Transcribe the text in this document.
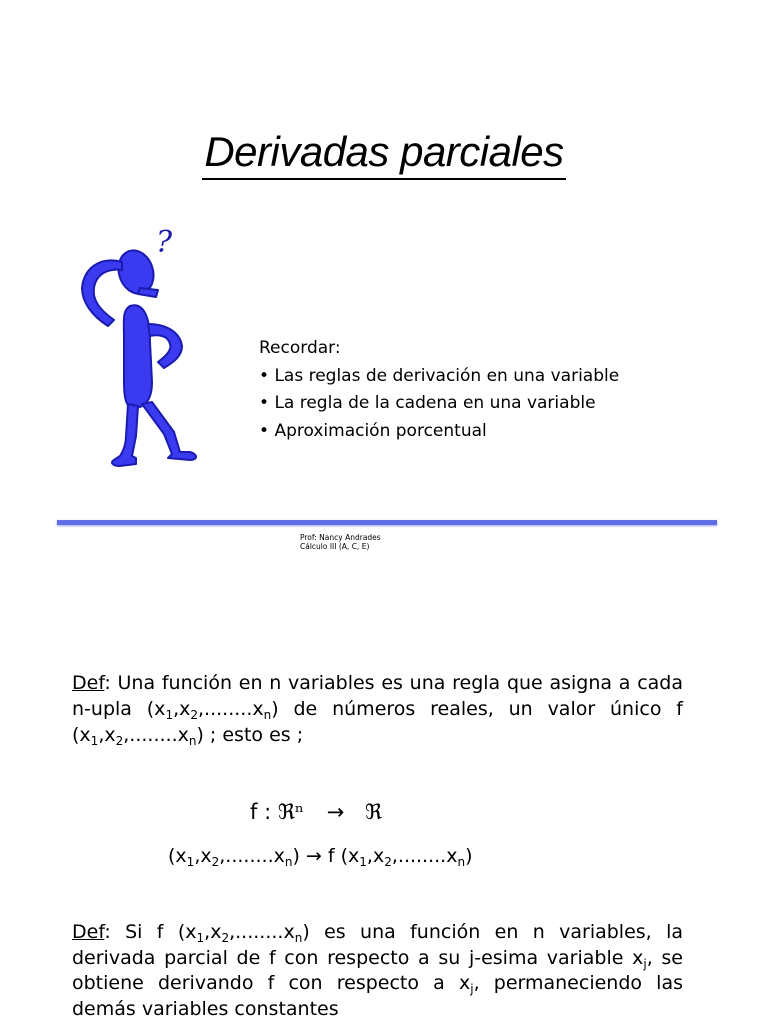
Derivadas parciales
?
Recordar:
• Las reglas de derivación en una variable
• La regla de la cadena en una variable
• Aproximación porcentual
Prof: Nancy Andrades
Cálculo III (A, C, E)
Def: Una función en n variables es una regla que asigna a cada n-upla $(x_1,x_2,........x_n)$ de números reales, un valor único f $(x_1,x_2,........x_n)$ ; esto es ;
f : ℜⁿ → ℜ
$(x_1,x_2,........x_n) \to f$ $(x_1,x_2,........x_n)$
Def: Si f $(x_1,x_2,........x_n)$ es una función en n variables, la derivada parcial de f con respecto a su j-esima variable $x_j$, se obtiene derivando f con respecto a $x_j$, permaneciendo las demás variables constantes
